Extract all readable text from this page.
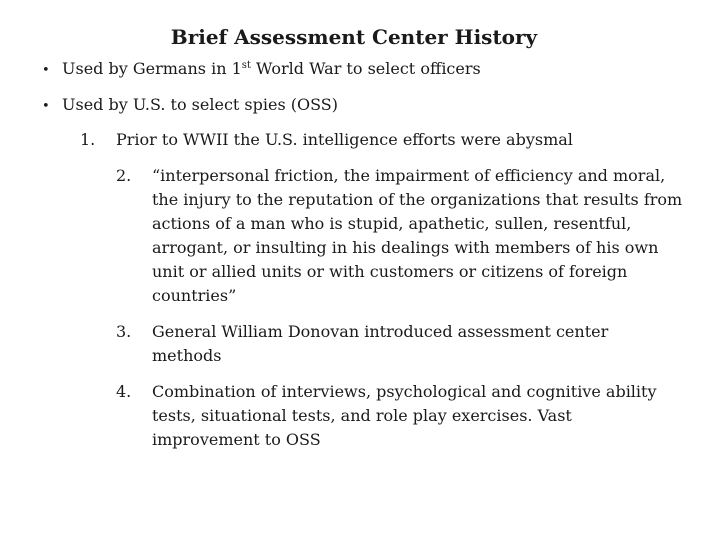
Brief Assessment Center History
• Used by Germans in 1st World War to select officers
• Used by U.S. to select spies (OSS)
1. Prior to WWII the U.S. intelligence efforts were abysmal
2. “interpersonal friction, the impairment of efficiency and moral, the injury to the reputation of the organizations that results from actions of a man who is stupid, apathetic, sullen, resentful, arrogant, or insulting in his dealings with members of his own unit or allied units or with customers or citizens of foreign countries”
3. General William Donovan introduced assessment center methods
4. Combination of interviews, psychological and cognitive ability tests, situational tests, and role play exercises. Vast improvement to OSS
